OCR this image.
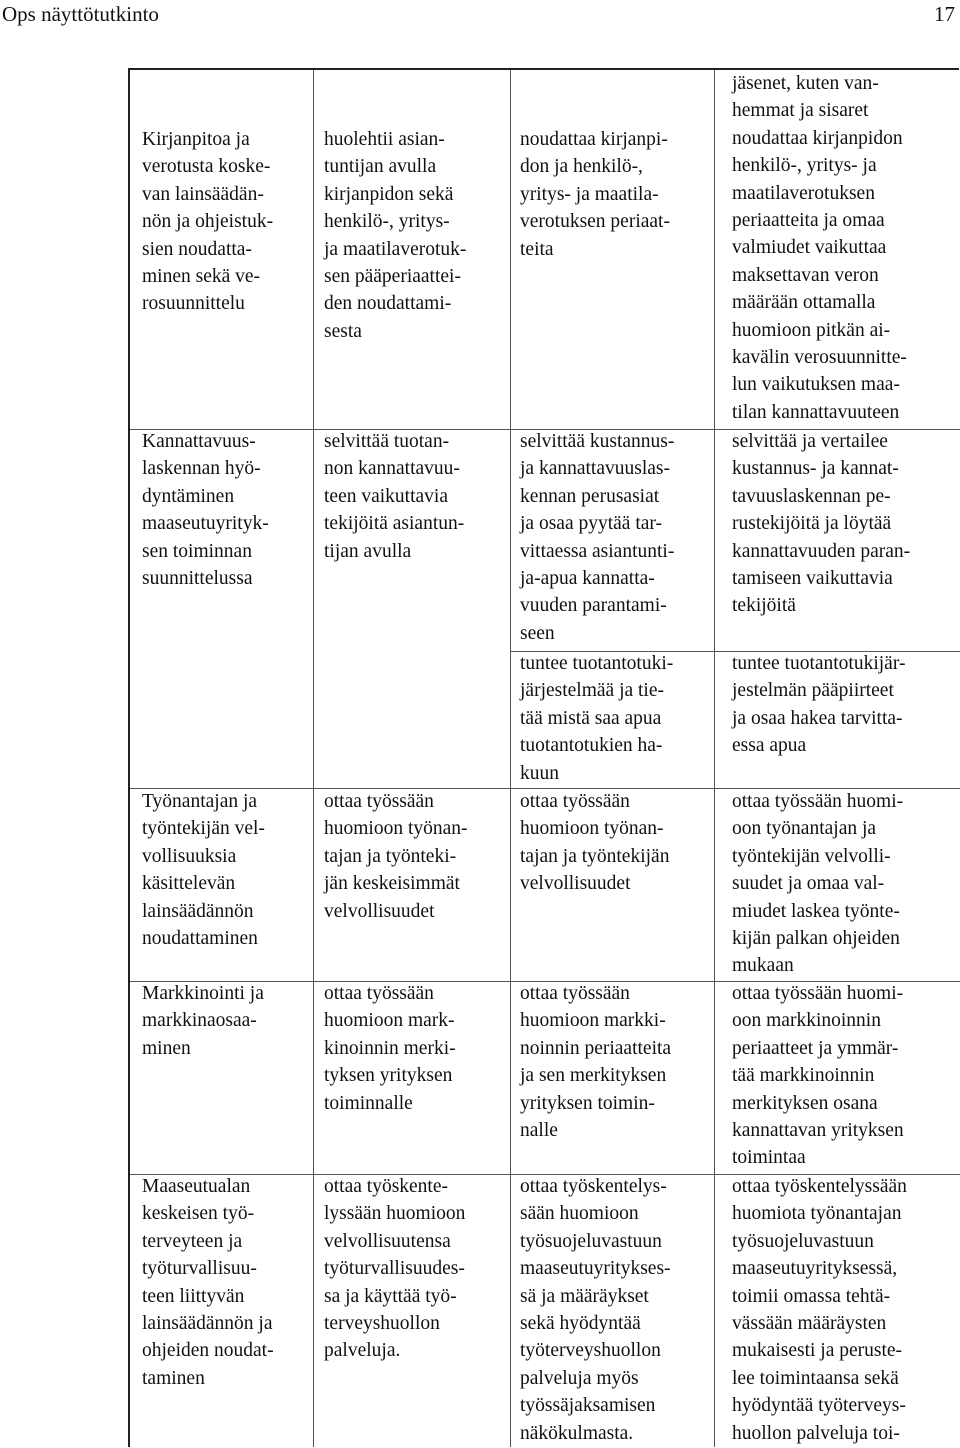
Ops näyttötutkinto	17
Kirjanpitoa ja
verotusta koske-
van lainsäädän-
nön ja ohjeistuk-
sien noudatta-
minen sekä ve-
rosuunnittelu
huolehtii asian-
tuntijan avulla
kirjanpidon sekä
henkilö-, yritys-
ja maatilaverotuk-
sen pääperiaattei-
den noudattami-
sesta
noudattaa kirjanpi-
don ja henkilö-,
yritys- ja maatila-
verotuksen periaat-
teita
jäsenet, kuten van-
hemmat ja sisaret
noudattaa kirjanpidon
henkilö-, yritys- ja
maatilaverotuksen
periaatteita ja omaa
valmiudet vaikuttaa
maksettavan veron
määrään ottamalla
huomioon pitkän ai-
kavälin verosuunnitte-
lun vaikutuksen maa-
tilan kannattavuuteen
Kannattavuus-
laskennan hyö-
dyntäminen
maaseutuyrityk-
sen toiminnan
suunnittelussa
selvittää tuotan-
non kannattavuu-
teen vaikuttavia
tekijöitä asiantun-
tijan avulla
selvittää kustannus-
ja kannattavuuslas-
kennan perusasiat
ja osaa pyytää tar-
vittaessa asiantunti-
ja-apua kannatta-
vuuden parantami-
seen
selvittää ja vertailee
kustannus- ja kannat-
tavuuslaskennan pe-
rustekijöitä ja löytää
kannattavuuden paran-
tamiseen vaikuttavia
tekijöitä
tuntee tuotantotuki-
järjestelmää ja tie-
tää mistä saa apua
tuotantotukien ha-
kuun
tuntee tuotantotukijär-
jestelmän pääpiirteet
ja osaa hakea tarvitta-
essa apua
Työnantajan ja
työntekijän vel-
vollisuuksia
käsittelevän
lainsäädännön
noudattaminen
ottaa työssään
huomioon työnan-
tajan ja työnteki-
jän keskeisimmät
velvollisuudet
ottaa työssään
huomioon työnan-
tajan ja työntekijän
velvollisuudet
ottaa työssään huomi-
oon työnantajan ja
työntekijän velvolli-
suudet ja omaa val-
miudet laskea työnte-
kijän palkan ohjeiden
mukaan
Markkinointi ja
markkinaosaa-
minen
ottaa työssään
huomioon mark-
kinoinnin merki-
tyksen yrityksen
toiminnalle
ottaa työssään
huomioon markki-
noinnin periaatteita
ja sen merkityksen
yrityksen toimin-
nalle
ottaa työssään huomi-
oon markkinoinnin
periaatteet ja ymmär-
tää markkinoinnin
merkityksen osana
kannattavan yrityksen
toimintaa
Maaseutualan
keskeisen työ-
terveyteen ja
työturvallisuu-
teen liittyvän
lainsäädännön ja
ohjeiden noudat-
taminen
ottaa työskente-
lyssään huomioon
velvollisuutensa
työturvallisuudes-
sa ja käyttää työ-
terveyshuollon
palveluja.
ottaa työskentelys-
sään huomioon
työsuojeluvastuun
maaseutuyritykses-
sä ja määräykset
sekä hyödyntää
työterveyshuollon
palveluja myös
työssäjaksamisen
näkökulmasta.
ottaa työskentelyssään
huomiota työnantajan
työsuojeluvastuun
maaseutuyrityksessä,
toimii omassa tehtä-
vässään määräysten
mukaisesti ja peruste-
lee toimintaansa sekä
hyödyntää työterveys-
huollon palveluja toi-
